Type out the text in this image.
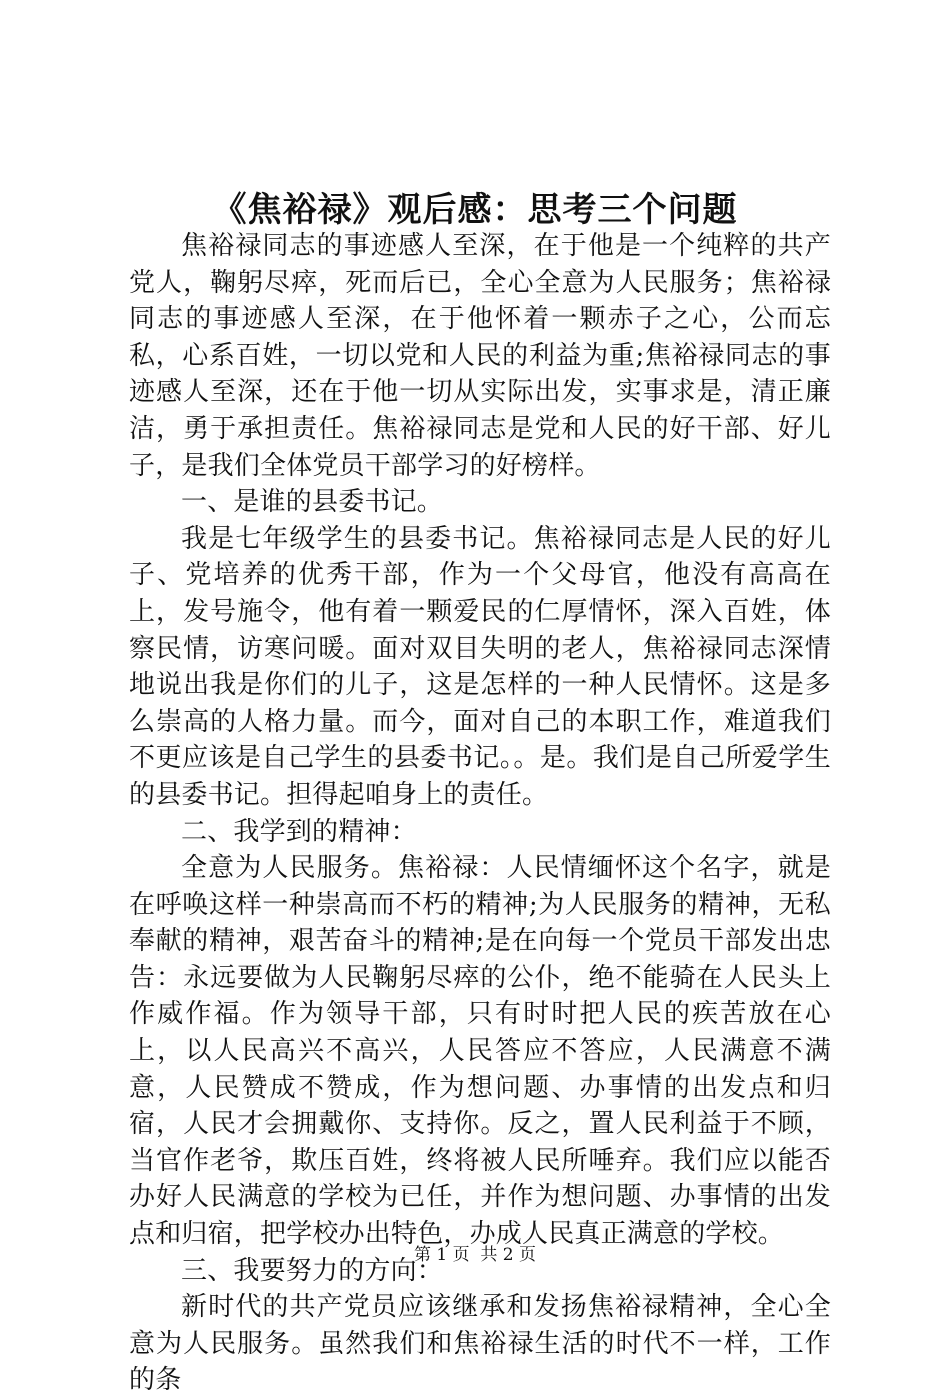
《焦裕禄》观后感：思考三个问题

焦裕禄同志的事迹感人至深，在于他是一个纯粹的共产党人，鞠躬尽瘁，死而后已，全心全意为人民服务；焦裕禄同志的事迹感人至深，在于他怀着一颗赤子之心，公而忘私，心系百姓，一切以党和人民的利益为重;焦裕禄同志的事迹感人至深，还在于他一切从实际出发，实事求是，清正廉洁，勇于承担责任。焦裕禄同志是党和人民的好干部、好儿子，是我们全体党员干部学习的好榜样。

一、是谁的县委书记。

我是七年级学生的县委书记。焦裕禄同志是人民的好儿子、党培养的优秀干部，作为一个父母官，他没有高高在上，发号施令，他有着一颗爱民的仁厚情怀，深入百姓，体察民情，访寒问暖。面对双目失明的老人，焦裕禄同志深情地说出我是你们的儿子，这是怎样的一种人民情怀。这是多么崇高的人格力量。而今，面对自己的本职工作，难道我们不更应该是自己学生的县委书记。。是。我们是自己所爱学生的县委书记。担得起咱身上的责任。

二、我学到的精神：

全意为人民服务。焦裕禄：人民情缅怀这个名字，就是在呼唤这样一种崇高而不朽的精神;为人民服务的精神，无私奉献的精神，艰苦奋斗的精神;是在向每一个党员干部发出忠告：永远要做为人民鞠躬尽瘁的公仆，绝不能骑在人民头上作威作福。作为领导干部，只有时时把人民的疾苦放在心上，以人民高兴不高兴，人民答应不答应，人民满意不满意，人民赞成不赞成，作为想问题、办事情的出发点和归宿，人民才会拥戴你、支持你。反之，置人民利益于不顾，当官作老爷，欺压百姓，终将被人民所唾弃。我们应以能否办好人民满意的学校为已任，并作为想问题、办事情的出发点和归宿，把学校办出特色，办成人民真正满意的学校。

三、我要努力的方向：

新时代的共产党员应该继承和发扬焦裕禄精神，全心全意为人民服务。虽然我们和焦裕禄生活的时代不一样，工作的条

第 1 页  共 2 页
